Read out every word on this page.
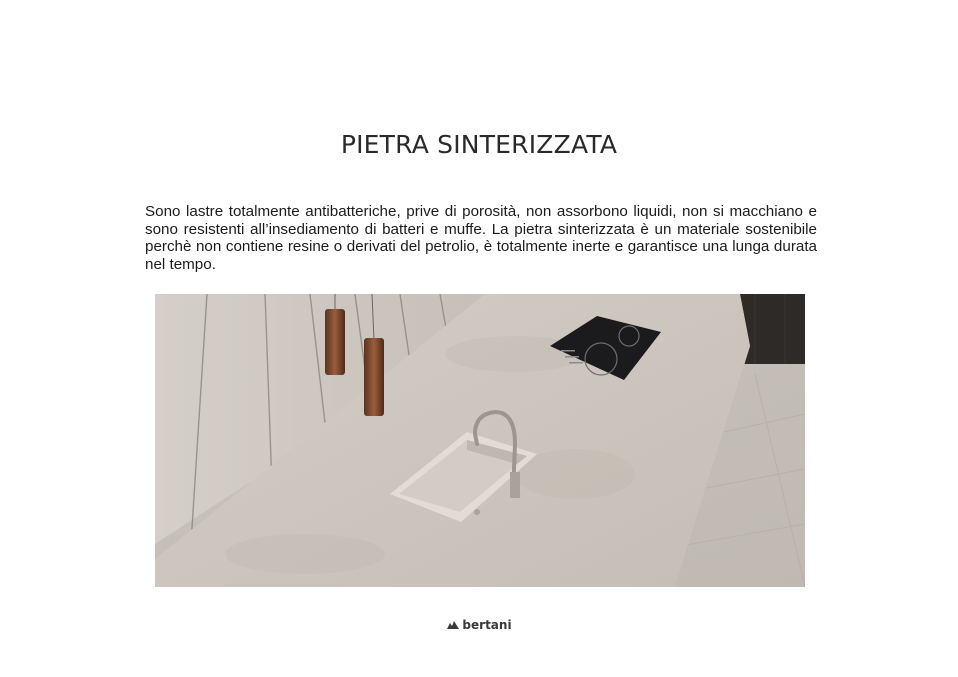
PIETRA SINTERIZZATA

Sono lastre totalmente antibatteriche, prive di porosità, non assorbono liquidi, non si macchiano e sono resistenti all’insediamento di batteri e muffe. La pietra sinterizzata è un materiale sostenibile perchè non contiene resine o derivati del petrolio, è totalmente inerte e garantisce una lunga durata nel tempo.

bertani
